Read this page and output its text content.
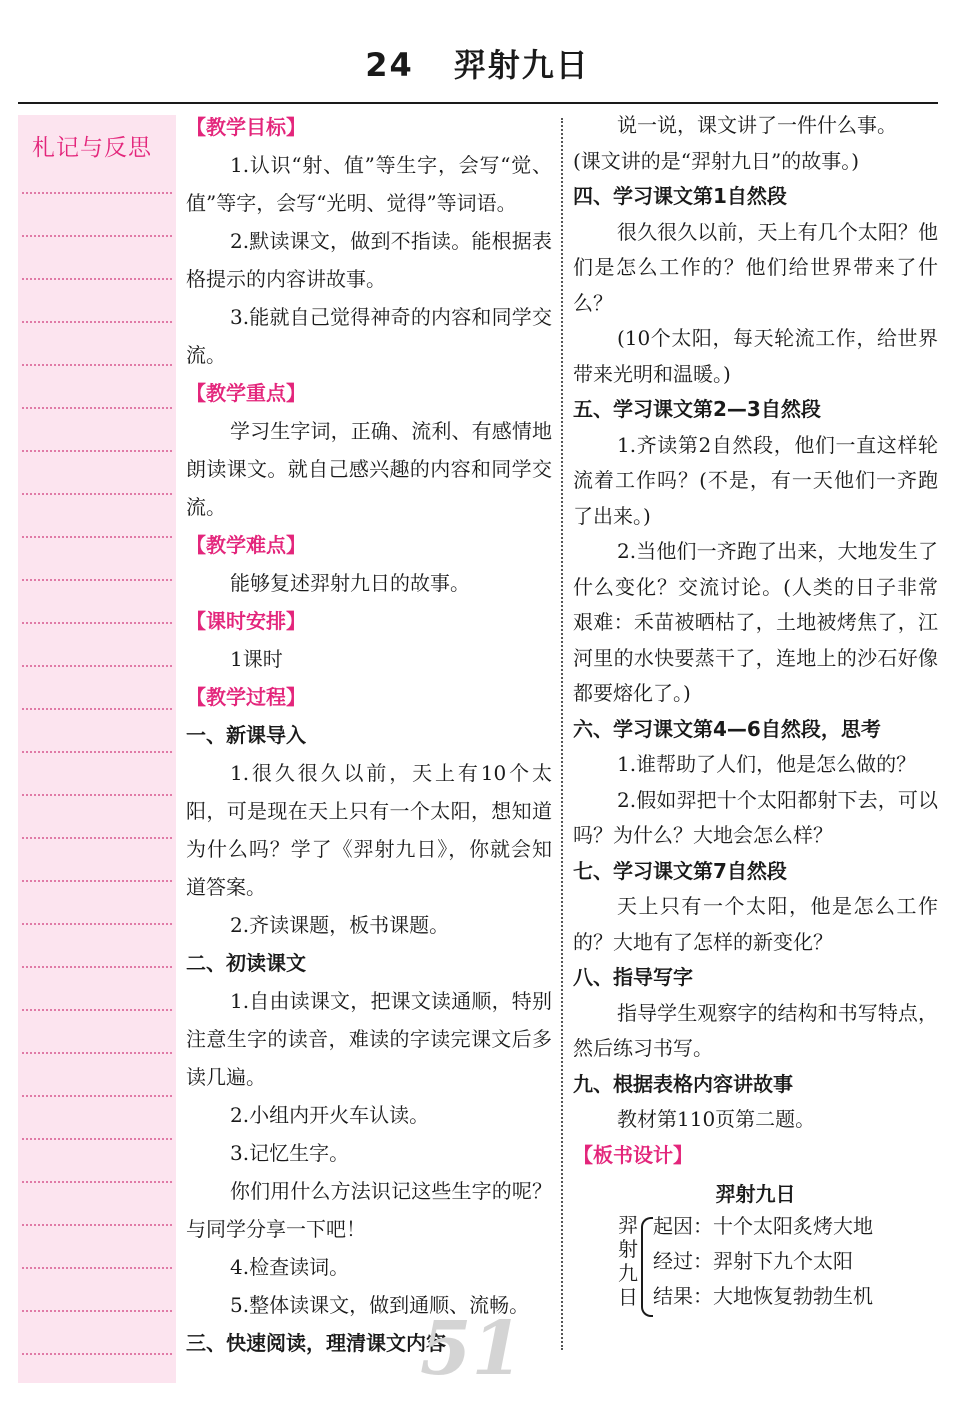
24 羿射九日
札记与反思

【教学目标】

1.认识“射、值”等生字，会写“觉、值”等字，会写“光明、觉得”等词语。

2.默读课文，做到不指读。能根据表格提示的内容讲故事。

3.能就自己觉得神奇的内容和同学交流。

【教学重点】

学习生字词，正确、流利、有感情地朗读课文。就自己感兴趣的内容和同学交流。

【教学难点】

能够复述羿射九日的故事。

【课时安排】

1课时

【教学过程】

一、新课导入

1.很久很久以前，天上有10个太阳，可是现在天上只有一个太阳，想知道为什么吗？学了《羿射九日》，你就会知道答案。

2.齐读课题，板书课题。

二、初读课文

1.自由读课文，把课文读通顺，特别注意生字的读音，难读的字读完课文后多读几遍。

2.小组内开火车认读。

3.记忆生字。

你们用什么方法识记这些生字的呢？与同学分享一下吧！

4.检查读词。

5.整体读课文，做到通顺、流畅。

三、快速阅读，理清课文内容

说一说，课文讲了一件什么事。

(课文讲的是“羿射九日”的故事。)

四、学习课文第1自然段

很久很久以前，天上有几个太阳？他们是怎么工作的？他们给世界带来了什么？

(10个太阳，每天轮流工作，给世界带来光明和温暖。)

五、学习课文第2—3自然段

1.齐读第2自然段，他们一直这样轮流着工作吗？(不是，有一天他们一齐跑了出来。)

2.当他们一齐跑了出来，大地发生了什么变化？交流讨论。(人类的日子非常艰难：禾苗被晒枯了，土地被烤焦了，江河里的水快要蒸干了，连地上的沙石好像都要熔化了。)

六、学习课文第4—6自然段，思考

1.谁帮助了人们，他是怎么做的？

2.假如羿把十个太阳都射下去，可以吗？为什么？大地会怎么样？

七、学习课文第7自然段

天上只有一个太阳，他是怎么工作的？大地有了怎样的新变化？

八、指导写字

指导学生观察字的结构和书写特点，然后练习书写。

九、根据表格内容讲故事

教材第110页第二题。

【板书设计】

羿射九日
羿
射
九
日
起因：十个太阳炙烤大地
经过：羿射下九个太阳
结果：大地恢复勃勃生机
51
